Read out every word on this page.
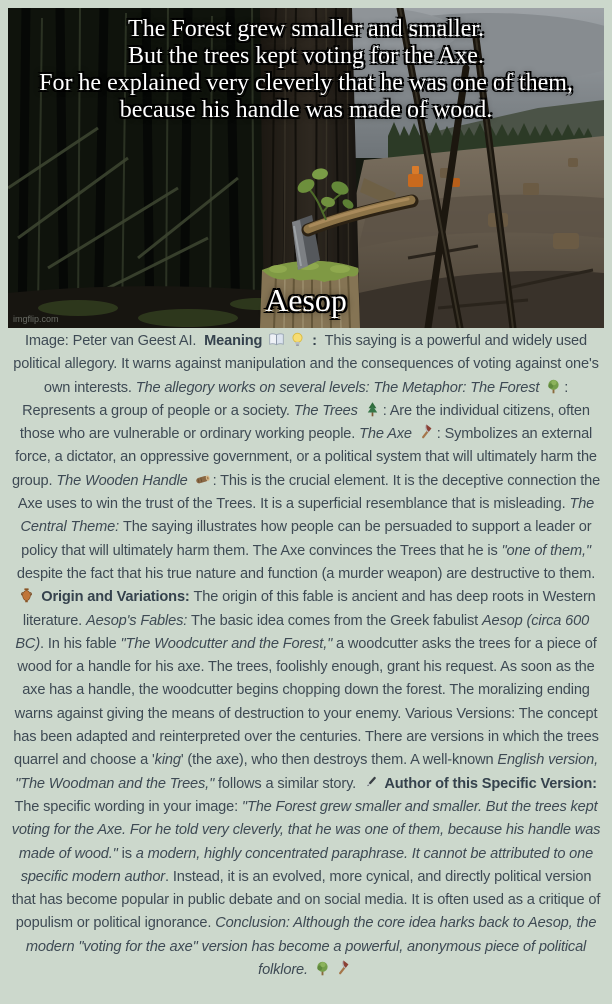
The Forest grew smaller and smaller.
But the trees kept voting for the Axe.
For he explained very cleverly that he was one of them,
because his handle was made of wood.
Aesop
imgflip.com
Image: Peter van Geest AI.  Meaning	:  This saying is a powerful and widely used political allegory. It warns against manipulation and the consequences of voting against one's own interests. The allegory works on several levels: The Metaphor: The Forest
: Represents a group of people or a society. The Trees
: Are the individual citizens, often those who are vulnerable or ordinary working people. The Axe
: Symbolizes an external force, a dictator, an oppressive government, or a political system that will ultimately harm the group. The Wooden Handle
: This is the crucial element. It is the deceptive connection the Axe uses to win the trust of the Trees. It is a superficial resemblance that is misleading. The Central Theme: The saying illustrates how people can be persuaded to support a leader or policy that will ultimately harm them. The Axe convinces the Trees that he is "one of them," despite the fact that his true nature and function (a murder weapon) are destructive to them.
Origin and Variations: The origin of this fable is ancient and has deep roots in Western literature. Aesop's Fables: The basic idea comes from the Greek fabulist Aesop (circa 600 BC). In his fable "The Woodcutter and the Forest," a woodcutter asks the trees for a piece of wood for a handle for his axe. The trees, foolishly enough, grant his request. As soon as the axe has a handle, the woodcutter begins chopping down the forest. The moralizing ending warns against giving the means of destruction to your enemy. Various Versions: The concept has been adapted and reinterpreted over the centuries. There are versions in which the trees quarrel and choose a 'king' (the axe), who then destroys them. A well-known English version, "The Woodman and the Trees," follows a similar story.
Author of this Specific Version: The specific wording in your image: "The Forest grew smaller and smaller. But the trees kept voting for the Axe. For he told very cleverly, that he was one of them, because his handle was made of wood." is a modern, highly concentrated paraphrase. It cannot be attributed to one specific modern author. Instead, it is an evolved, more cynical, and directly political version that has become popular in public debate and on social media. It is often used as a critique of populism or political ignorance. Conclusion: Although the core idea harks back to Aesop, the modern "voting for the axe" version has become a powerful, anonymous piece of political folklore.
